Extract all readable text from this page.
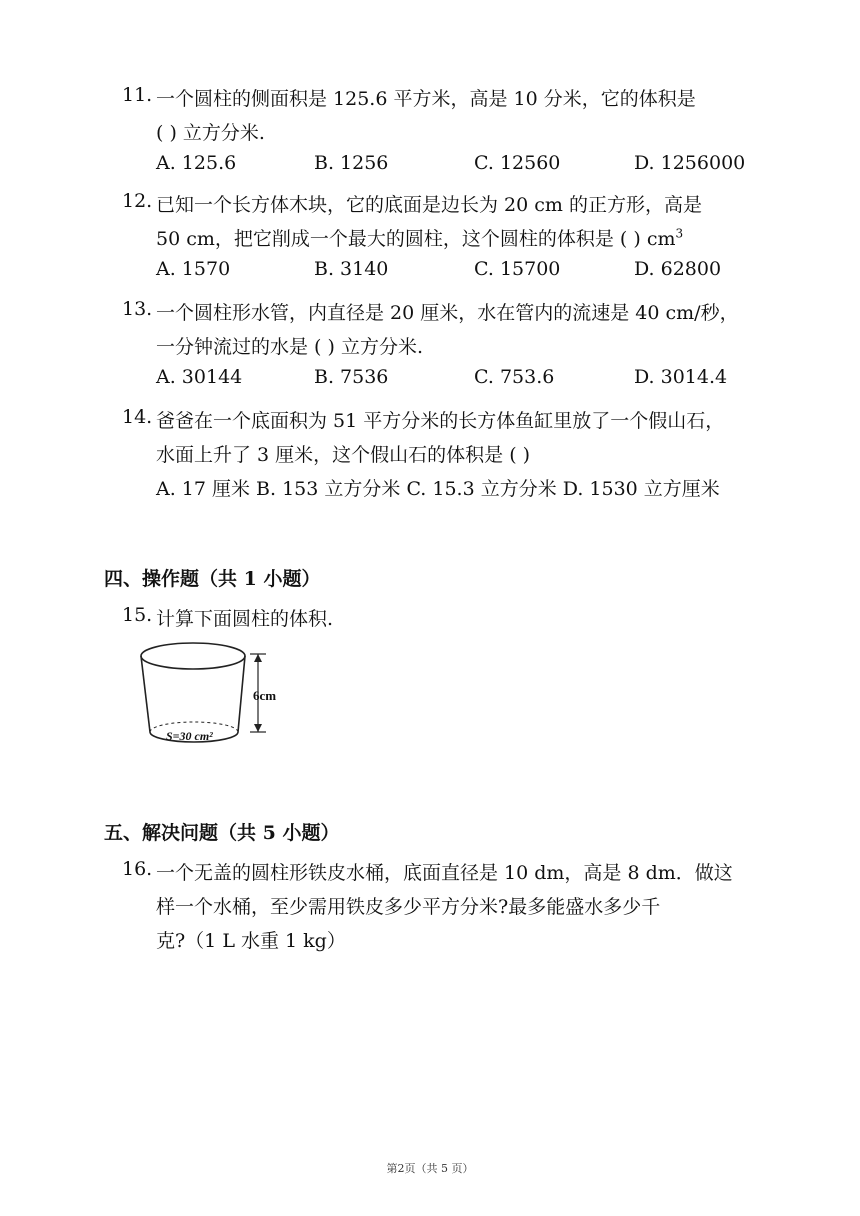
11. 一个圆柱的侧面积是 125.6 平方米，高是 10 分米，它的体积是
( ) 立方分米.
A. 125.6	B. 1256	C. 12560	D. 1256000
12. 已知一个长方体木块，它的底面是边长为 20 cm 的正方形，高是
50 cm，把它削成一个最大的圆柱，这个圆柱的体积是 ( ) $cm^3$
A. 1570	B. 3140	C. 15700	D. 62800
13. 一个圆柱形水管，内直径是 20 厘米，水在管内的流速是 40 cm/秒，
一分钟流过的水是 ( ) 立方分米.
A. 30144	B. 7536	C. 753.6	D. 3014.4
14. 爸爸在一个底面积为 51 平方分米的长方体鱼缸里放了一个假山石，
水面上升了 3 厘米，这个假山石的体积是 ( )
A. 17 厘米 B. 153 立方分米 C. 15.3 立方分米 D. 1530 立方厘米
四、操作题（共 1 小题）
15. 计算下面圆柱的体积.
6cm
S=30 cm²
五、解决问题（共 5 小题）
16. 一个无盖的圆柱形铁皮水桶，底面直径是 10 dm，高是 8 dm．做这
样一个水桶，至少需用铁皮多少平方分米?最多能盛水多少千
克?（1 L 水重 1 kg）
第2页（共 5 页）
